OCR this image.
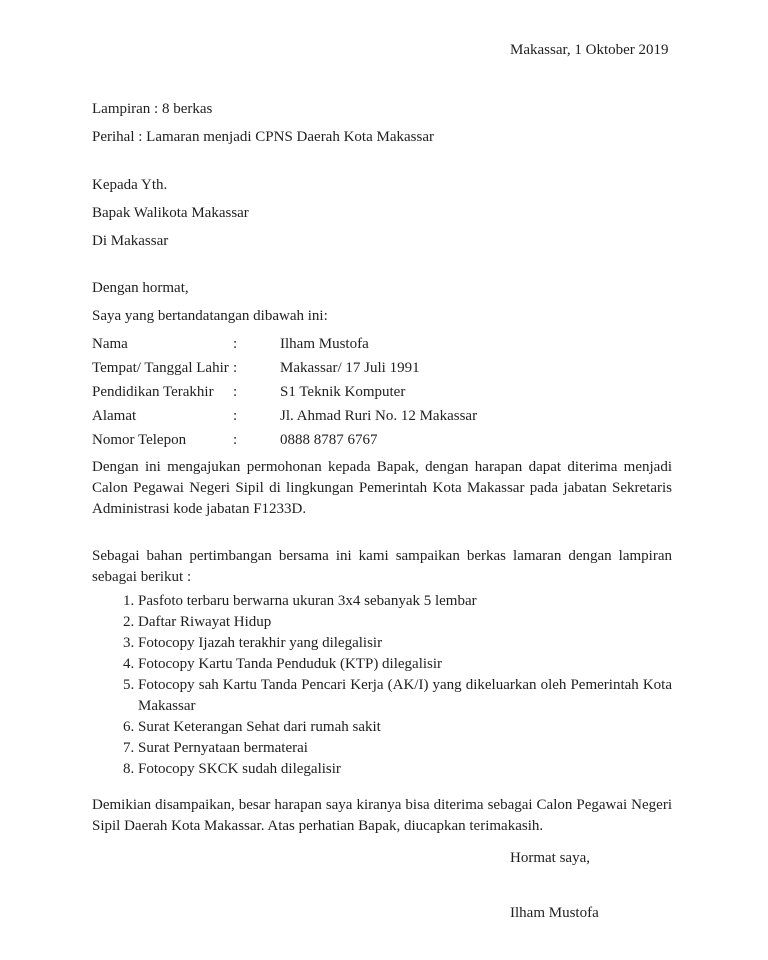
Makassar, 1 Oktober 2019

Lampiran : 8 berkas

Perihal : Lamaran menjadi CPNS Daerah Kota Makassar

Kepada Yth.

Bapak Walikota Makassar

Di Makassar

Dengan hormat,

Saya yang bertandatangan dibawah ini:

Nama	:	Ilham Mustofa
Tempat/ Tanggal Lahir :	Makassar/ 17 Juli 1991
Pendidikan Terakhir :	S1 Teknik Komputer
Alamat	:	Jl. Ahmad Ruri No. 12 Makassar
Nomor Telepon	:	0888 8787 6767

Dengan ini mengajukan permohonan kepada Bapak, dengan harapan dapat diterima menjadi Calon Pegawai Negeri Sipil di lingkungan Pemerintah Kota Makassar pada jabatan Sekretaris Administrasi kode jabatan F1233D.

Sebagai bahan pertimbangan bersama ini kami sampaikan berkas lamaran dengan lampiran sebagai berikut :

1. Pasfoto terbaru berwarna ukuran 3x4 sebanyak 5 lembar
2. Daftar Riwayat Hidup
3. Fotocopy Ijazah terakhir yang dilegalisir
4. Fotocopy Kartu Tanda Penduduk (KTP) dilegalisir
5. Fotocopy sah Kartu Tanda Pencari Kerja (AK/I) yang dikeluarkan oleh Pemerintah Kota Makassar
6. Surat Keterangan Sehat dari rumah sakit
7. Surat Pernyataan bermaterai
8. Fotocopy SKCK sudah dilegalisir

Demikian disampaikan, besar harapan saya kiranya bisa diterima sebagai Calon Pegawai Negeri Sipil Daerah Kota Makassar. Atas perhatian Bapak, diucapkan terimakasih.

Hormat saya,

Ilham Mustofa
